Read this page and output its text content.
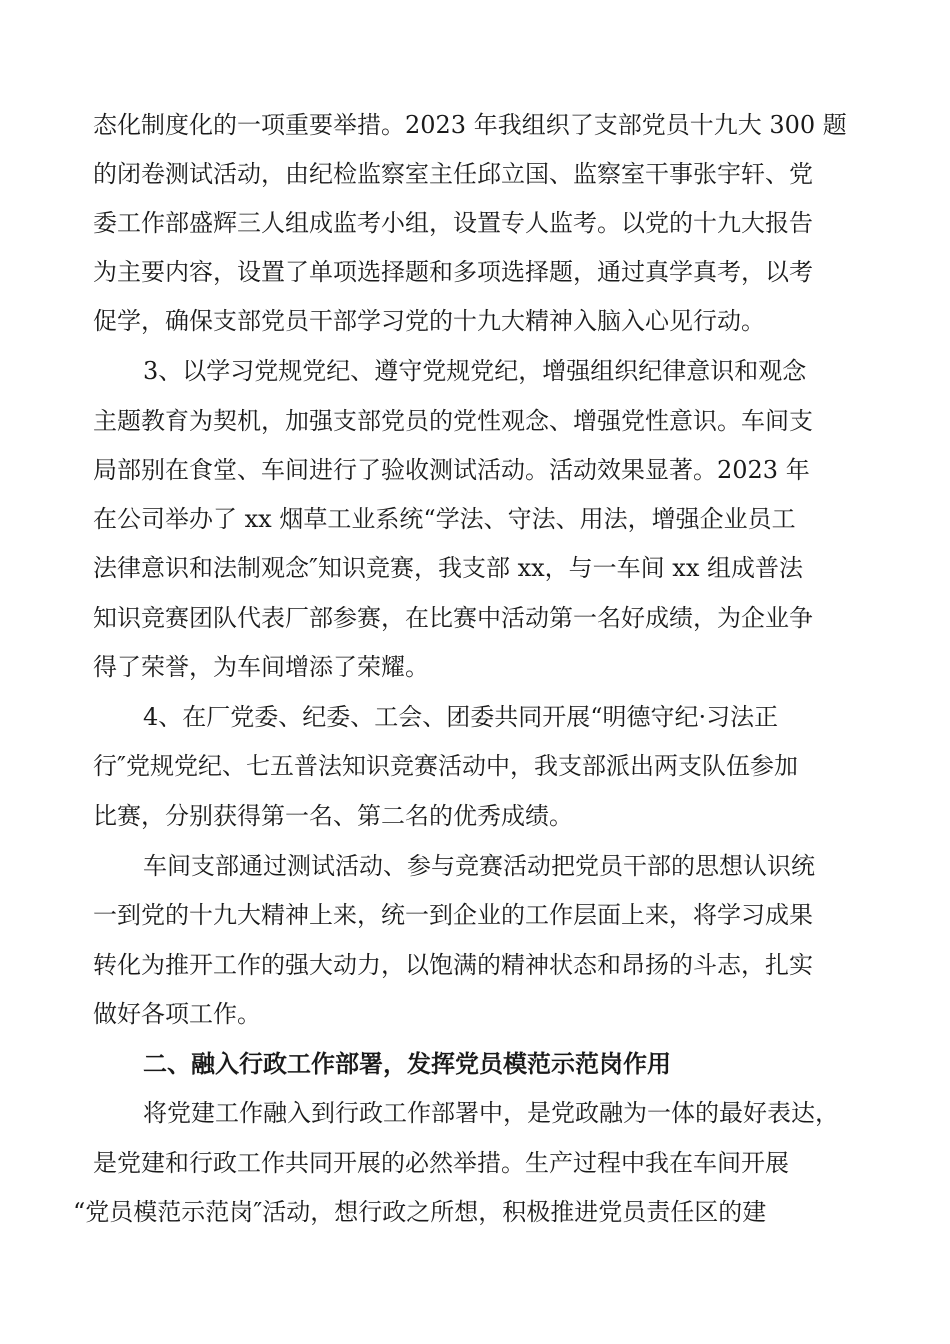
态化制度化的一项重要举措。2023 年我组织了支部党员十九大 300 题
的闭卷测试活动，由纪检监察室主任邱立国、监察室干事张宇轩、党
委工作部盛辉三人组成监考小组，设置专人监考。以党的十九大报告
为主要内容，设置了单项选择题和多项选择题，通过真学真考，以考
促学，确保支部党员干部学习党的十九大精神入脑入心见行动。
3、以学习党规党纪、遵守党规党纪，增强组织纪律意识和观念
主题教育为契机，加强支部党员的党性观念、增强党性意识。车间支
局部别在食堂、车间进行了验收测试活动。活动效果显著。2023 年
在公司举办了 xx 烟草工业系统“学法、守法、用法，增强企业员工
法律意识和法制观念″知识竞赛，我支部 xx，与一车间 xx 组成普法
知识竞赛团队代表厂部参赛，在比赛中活动第一名好成绩，为企业争
得了荣誉，为车间增添了荣耀。
4、在厂党委、纪委、工会、团委共同开展“明德守纪·习法正
行″党规党纪、七五普法知识竞赛活动中，我支部派出两支队伍参加
比赛，分别获得第一名、第二名的优秀成绩。
车间支部通过测试活动、参与竞赛活动把党员干部的思想认识统
一到党的十九大精神上来，统一到企业的工作层面上来，将学习成果
转化为推开工作的强大动力，以饱满的精神状态和昂扬的斗志，扎实
做好各项工作。
二、融入行政工作部署，发挥党员模范示范岗作用
将党建工作融入到行政工作部署中，是党政融为一体的最好表达，
是党建和行政工作共同开展的必然举措。生产过程中我在车间开展
“党员模范示范岗″活动，想行政之所想，积极推进党员责任区的建
